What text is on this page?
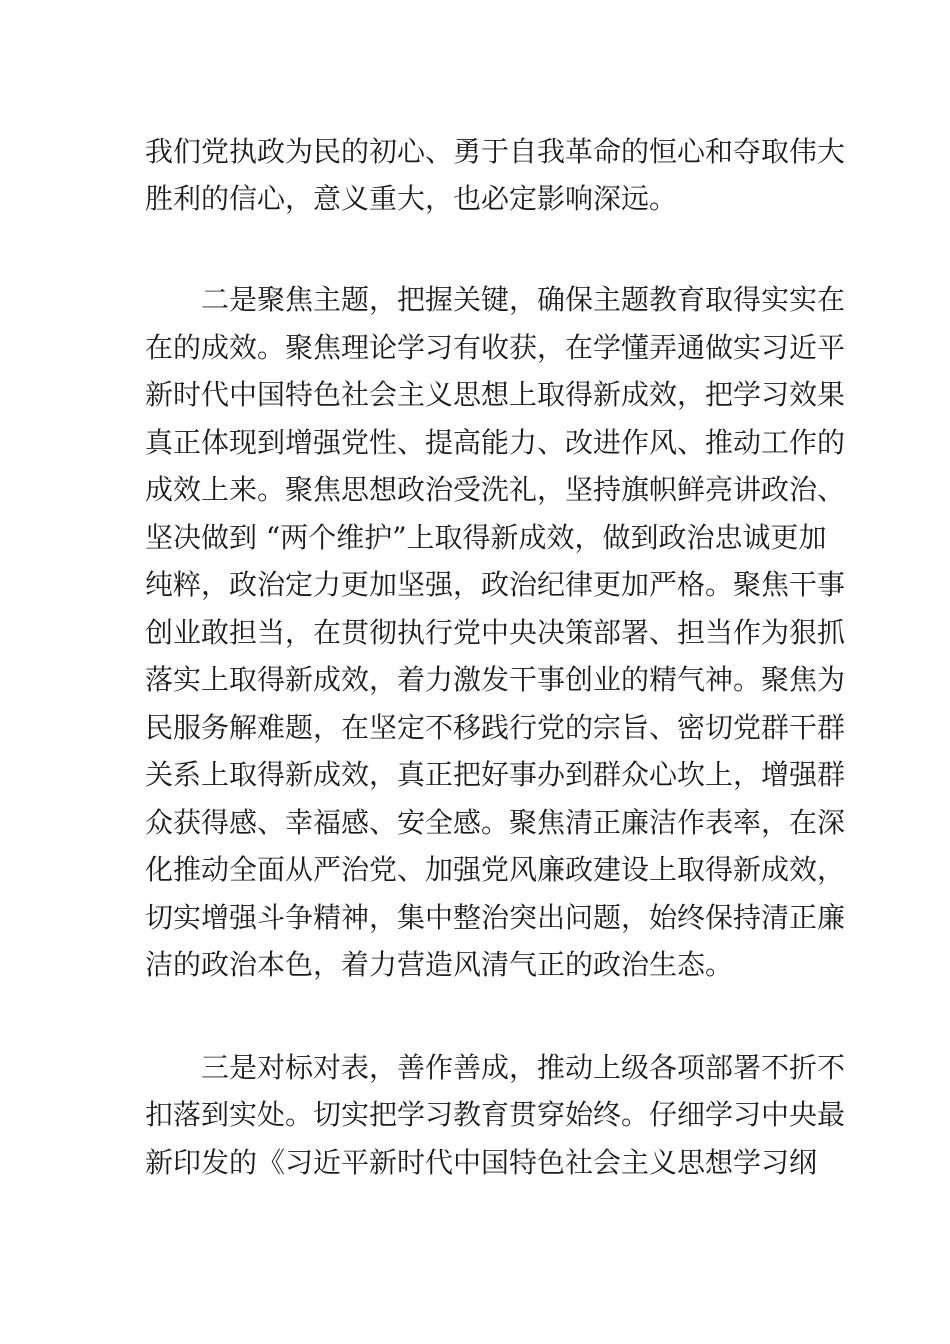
我们党执政为民的初心、勇于自我革命的恒心和夺取伟大
胜利的信心，意义重大，也必定影响深远。
　　二是聚焦主题，把握关键，确保主题教育取得实实在
在的成效。聚焦理论学习有收获，在学懂弄通做实习近平
新时代中国特色社会主义思想上取得新成效，把学习效果
真正体现到增强党性、提高能力、改进作风、推动工作的
成效上来。聚焦思想政治受洗礼，坚持旗帜鲜亮讲政治、
坚决做到 “两个维护”上取得新成效，做到政治忠诚更加
纯粹，政治定力更加坚强，政治纪律更加严格。聚焦干事
创业敢担当，在贯彻执行党中央决策部署、担当作为狠抓
落实上取得新成效，着力激发干事创业的精气神。聚焦为
民服务解难题，在坚定不移践行党的宗旨、密切党群干群
关系上取得新成效，真正把好事办到群众心坎上，增强群
众获得感、幸福感、安全感。聚焦清正廉洁作表率，在深
化推动全面从严治党、加强党风廉政建设上取得新成效，
切实增强斗争精神，集中整治突出问题，始终保持清正廉
洁的政治本色，着力营造风清气正的政治生态。
　　三是对标对表，善作善成，推动上级各项部署不折不
扣落到实处。切实把学习教育贯穿始终。仔细学习中央最
新印发的《习近平新时代中国特色社会主义思想学习纲
